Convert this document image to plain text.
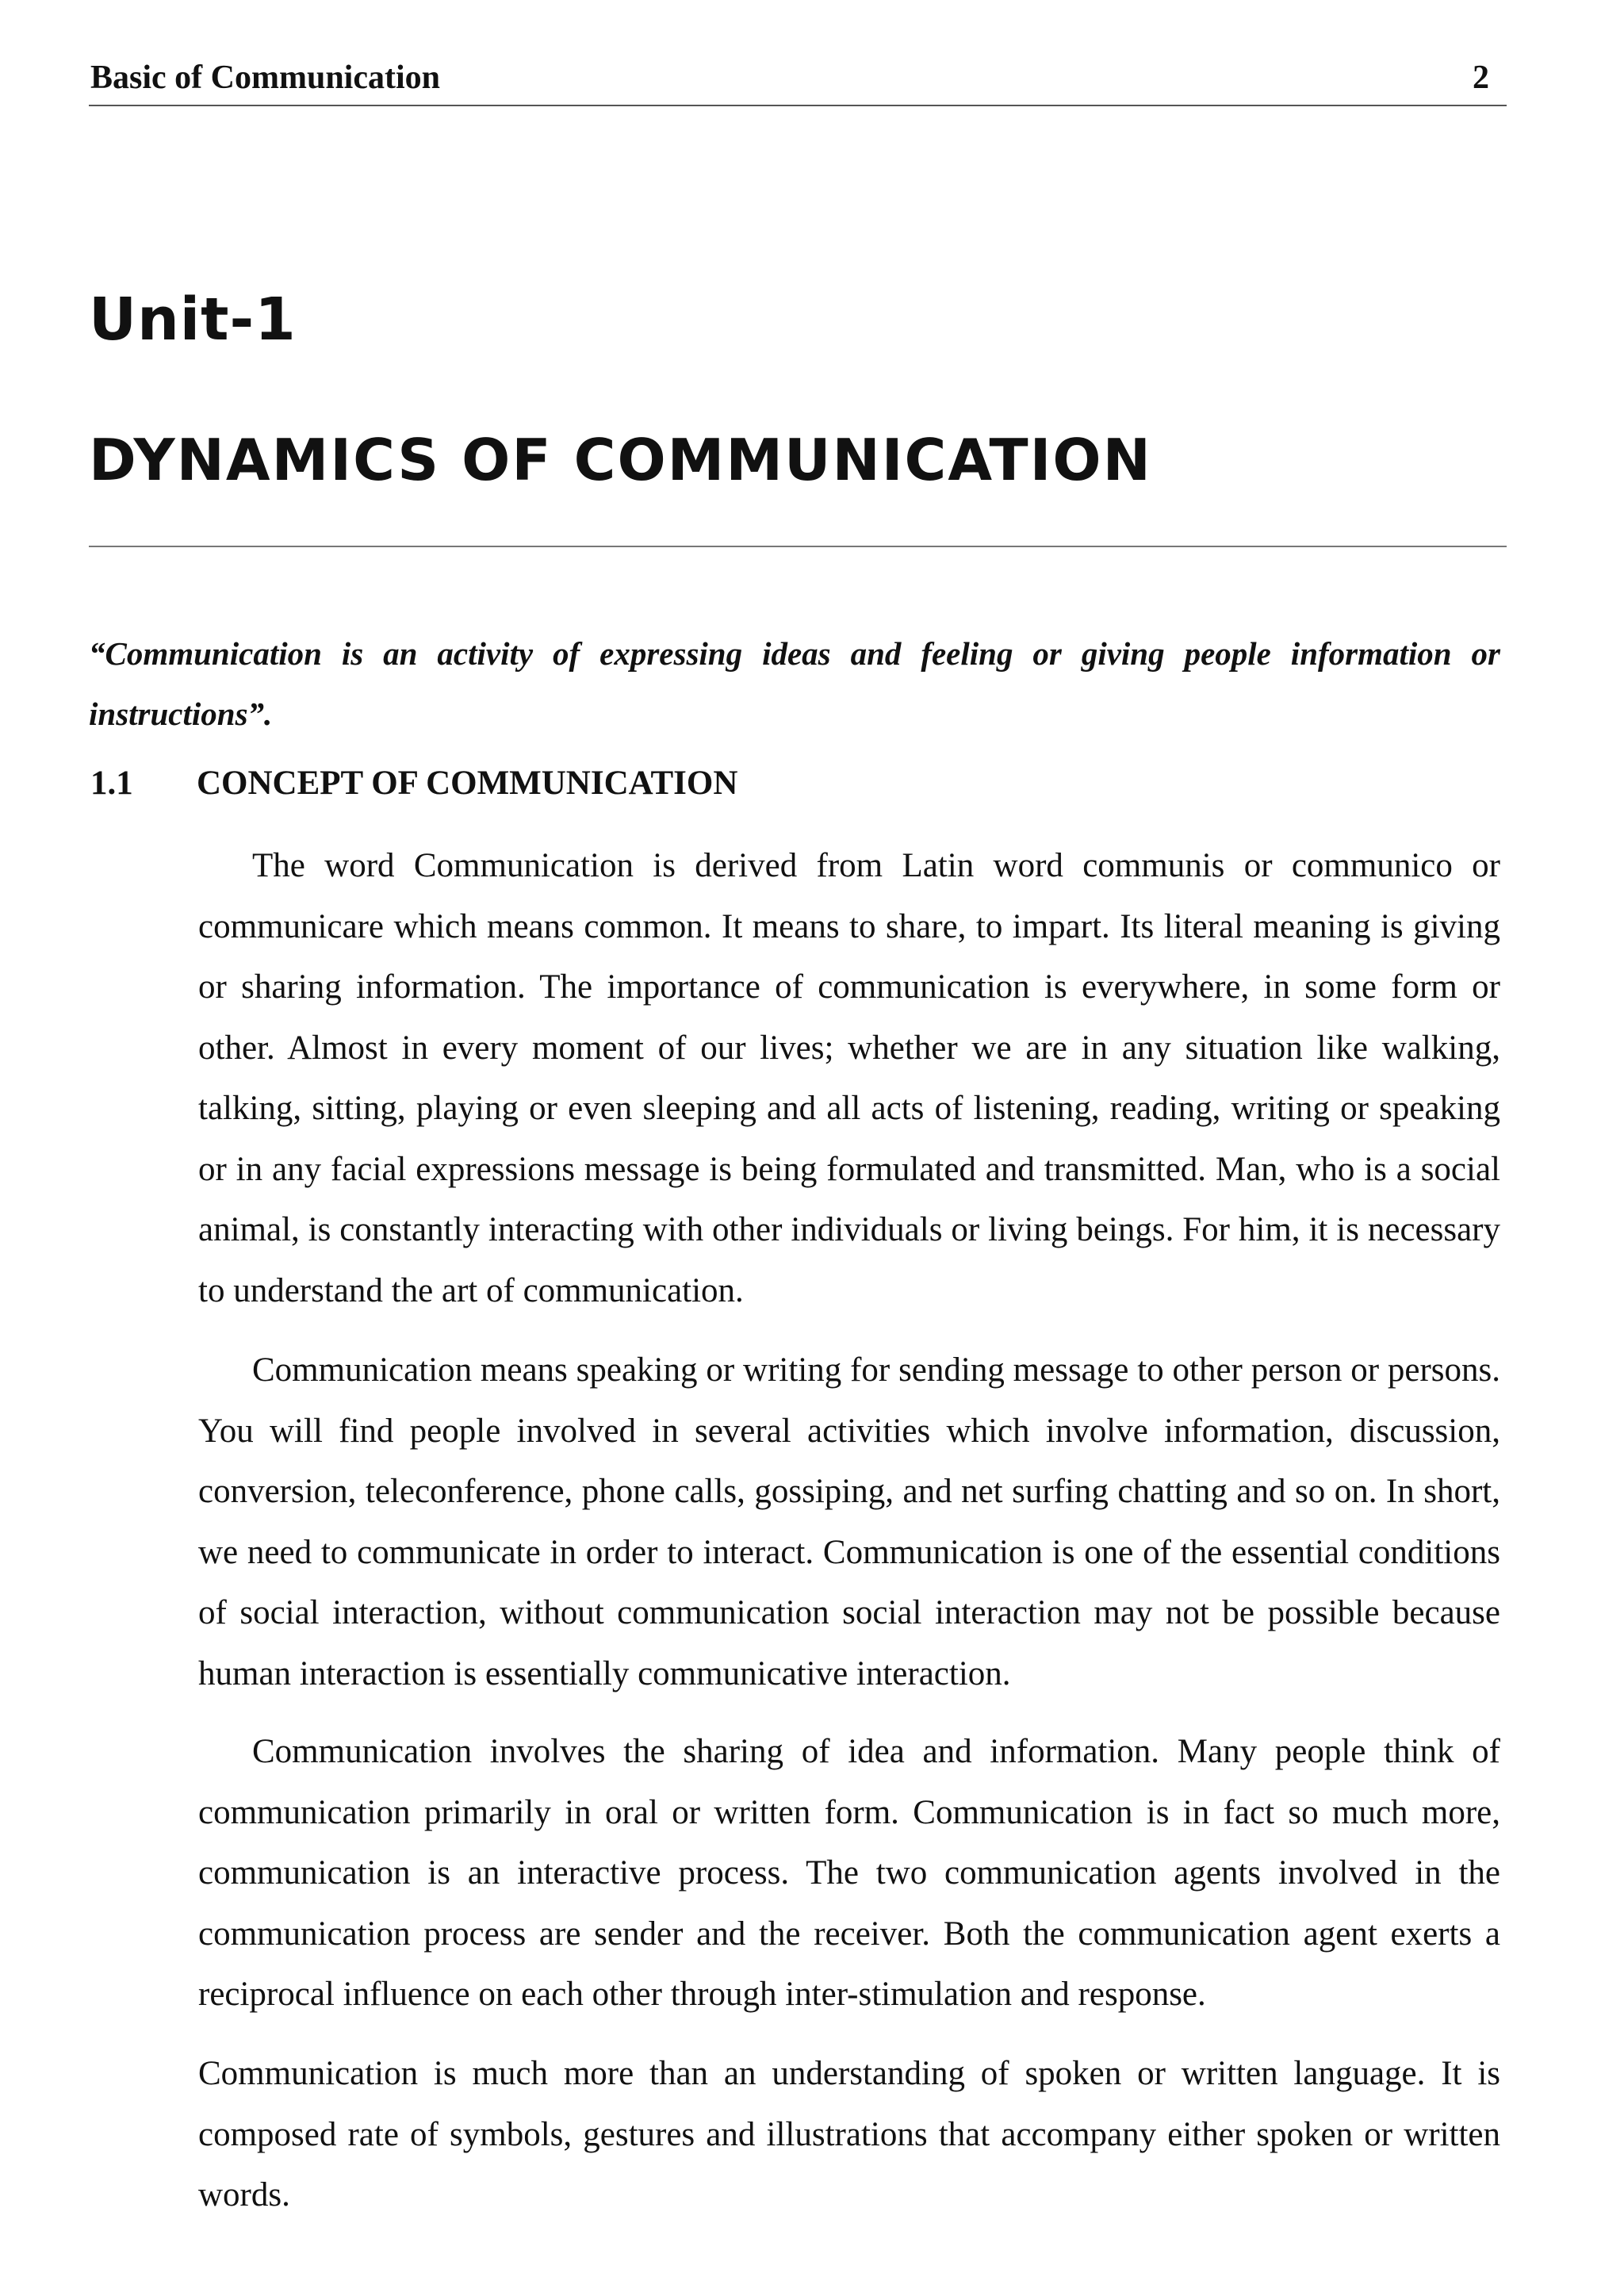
Basic of Communication	2
Unit-1
DYNAMICS OF COMMUNICATION

“Communication is an activity of expressing ideas and feeling or giving people information or instructions”.

1.1 CONCEPT OF COMMUNICATION

The word Communication is derived from Latin word communis or communico or communicare which means common. It means to share, to impart. Its literal meaning is giving or sharing information. The importance of communication is everywhere, in some form or other. Almost in every moment of our lives; whether we are in any situation like walking, talking, sitting, playing or even sleeping and all acts of listening, reading, writing or speaking or in any facial expressions message is being formulated and transmitted. Man, who is a social animal, is constantly interacting with other individuals or living beings. For him, it is necessary to understand the art of communication.

Communication means speaking or writing for sending message to other person or persons. You will find people involved in several activities which involve information, discussion, conversion, teleconference, phone calls, gossiping, and net surfing chatting and so on. In short, we need to communicate in order to interact. Communication is one of the essential conditions of social interaction, without communication social interaction may not be possible because human interaction is essentially communicative interaction.

Communication involves the sharing of idea and information. Many people think of communication primarily in oral or written form. Communication is in fact so much more, communication is an interactive process. The two communication agents involved in the communication process are sender and the receiver. Both the communication agent exerts a reciprocal influence on each other through inter-stimulation and response.

Communication is much more than an understanding of spoken or written language. It is composed rate of symbols, gestures and illustrations that accompany either spoken or written words.
